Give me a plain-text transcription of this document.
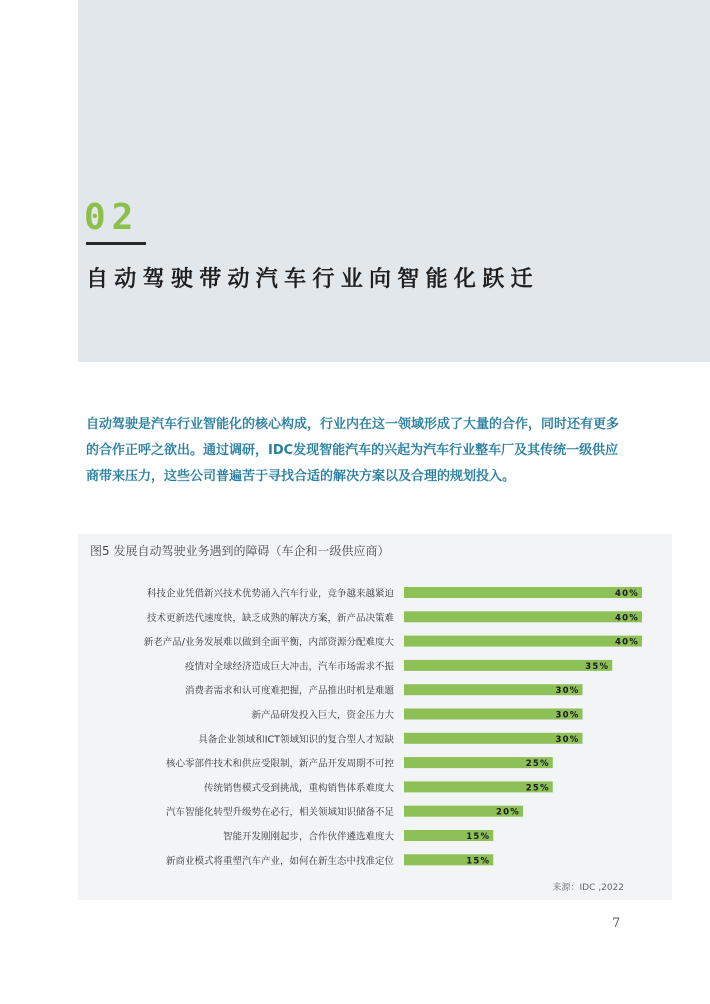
02
自动驾驶带动汽车行业向智能化跃迁

自动驾驶是汽车行业智能化的核心构成，行业内在这一领域形成了大量的合作，同时还有更多

的合作正呼之欲出。通过调研，IDC发现智能汽车的兴起为汽车行业整车厂及其传统一级供应

商带来压力，这些公司普遍苦于寻找合适的解决方案以及合理的规划投入。

图5 发展自动驾驶业务遇到的障碍（车企和一级供应商）
科技企业凭借新兴技术优势涌入汽车行业，竞争越来越紧迫	40%
技术更新迭代速度快，缺乏成熟的解决方案，新产品决策难	40%
新老产品/业务发展难以做到全面平衡，内部资源分配难度大	40%
疫情对全球经济造成巨大冲击，汽车市场需求不振	35%
消费者需求和认可度难把握，产品推出时机是难题	30%
新产品研发投入巨大，资金压力大	30%
具备企业领域和ICT领域知识的复合型人才短缺	30%
核心零部件技术和供应受限制，新产品开发周期不可控	25%
传统销售模式受到挑战，重构销售体系难度大	25%
汽车智能化转型升级势在必行，相关领域知识储备不足	20%
智能开发刚刚起步，合作伙伴遴选难度大	15%
新商业模式将重塑汽车产业，如何在新生态中找准定位	15%
来源：IDC ,2022
7
